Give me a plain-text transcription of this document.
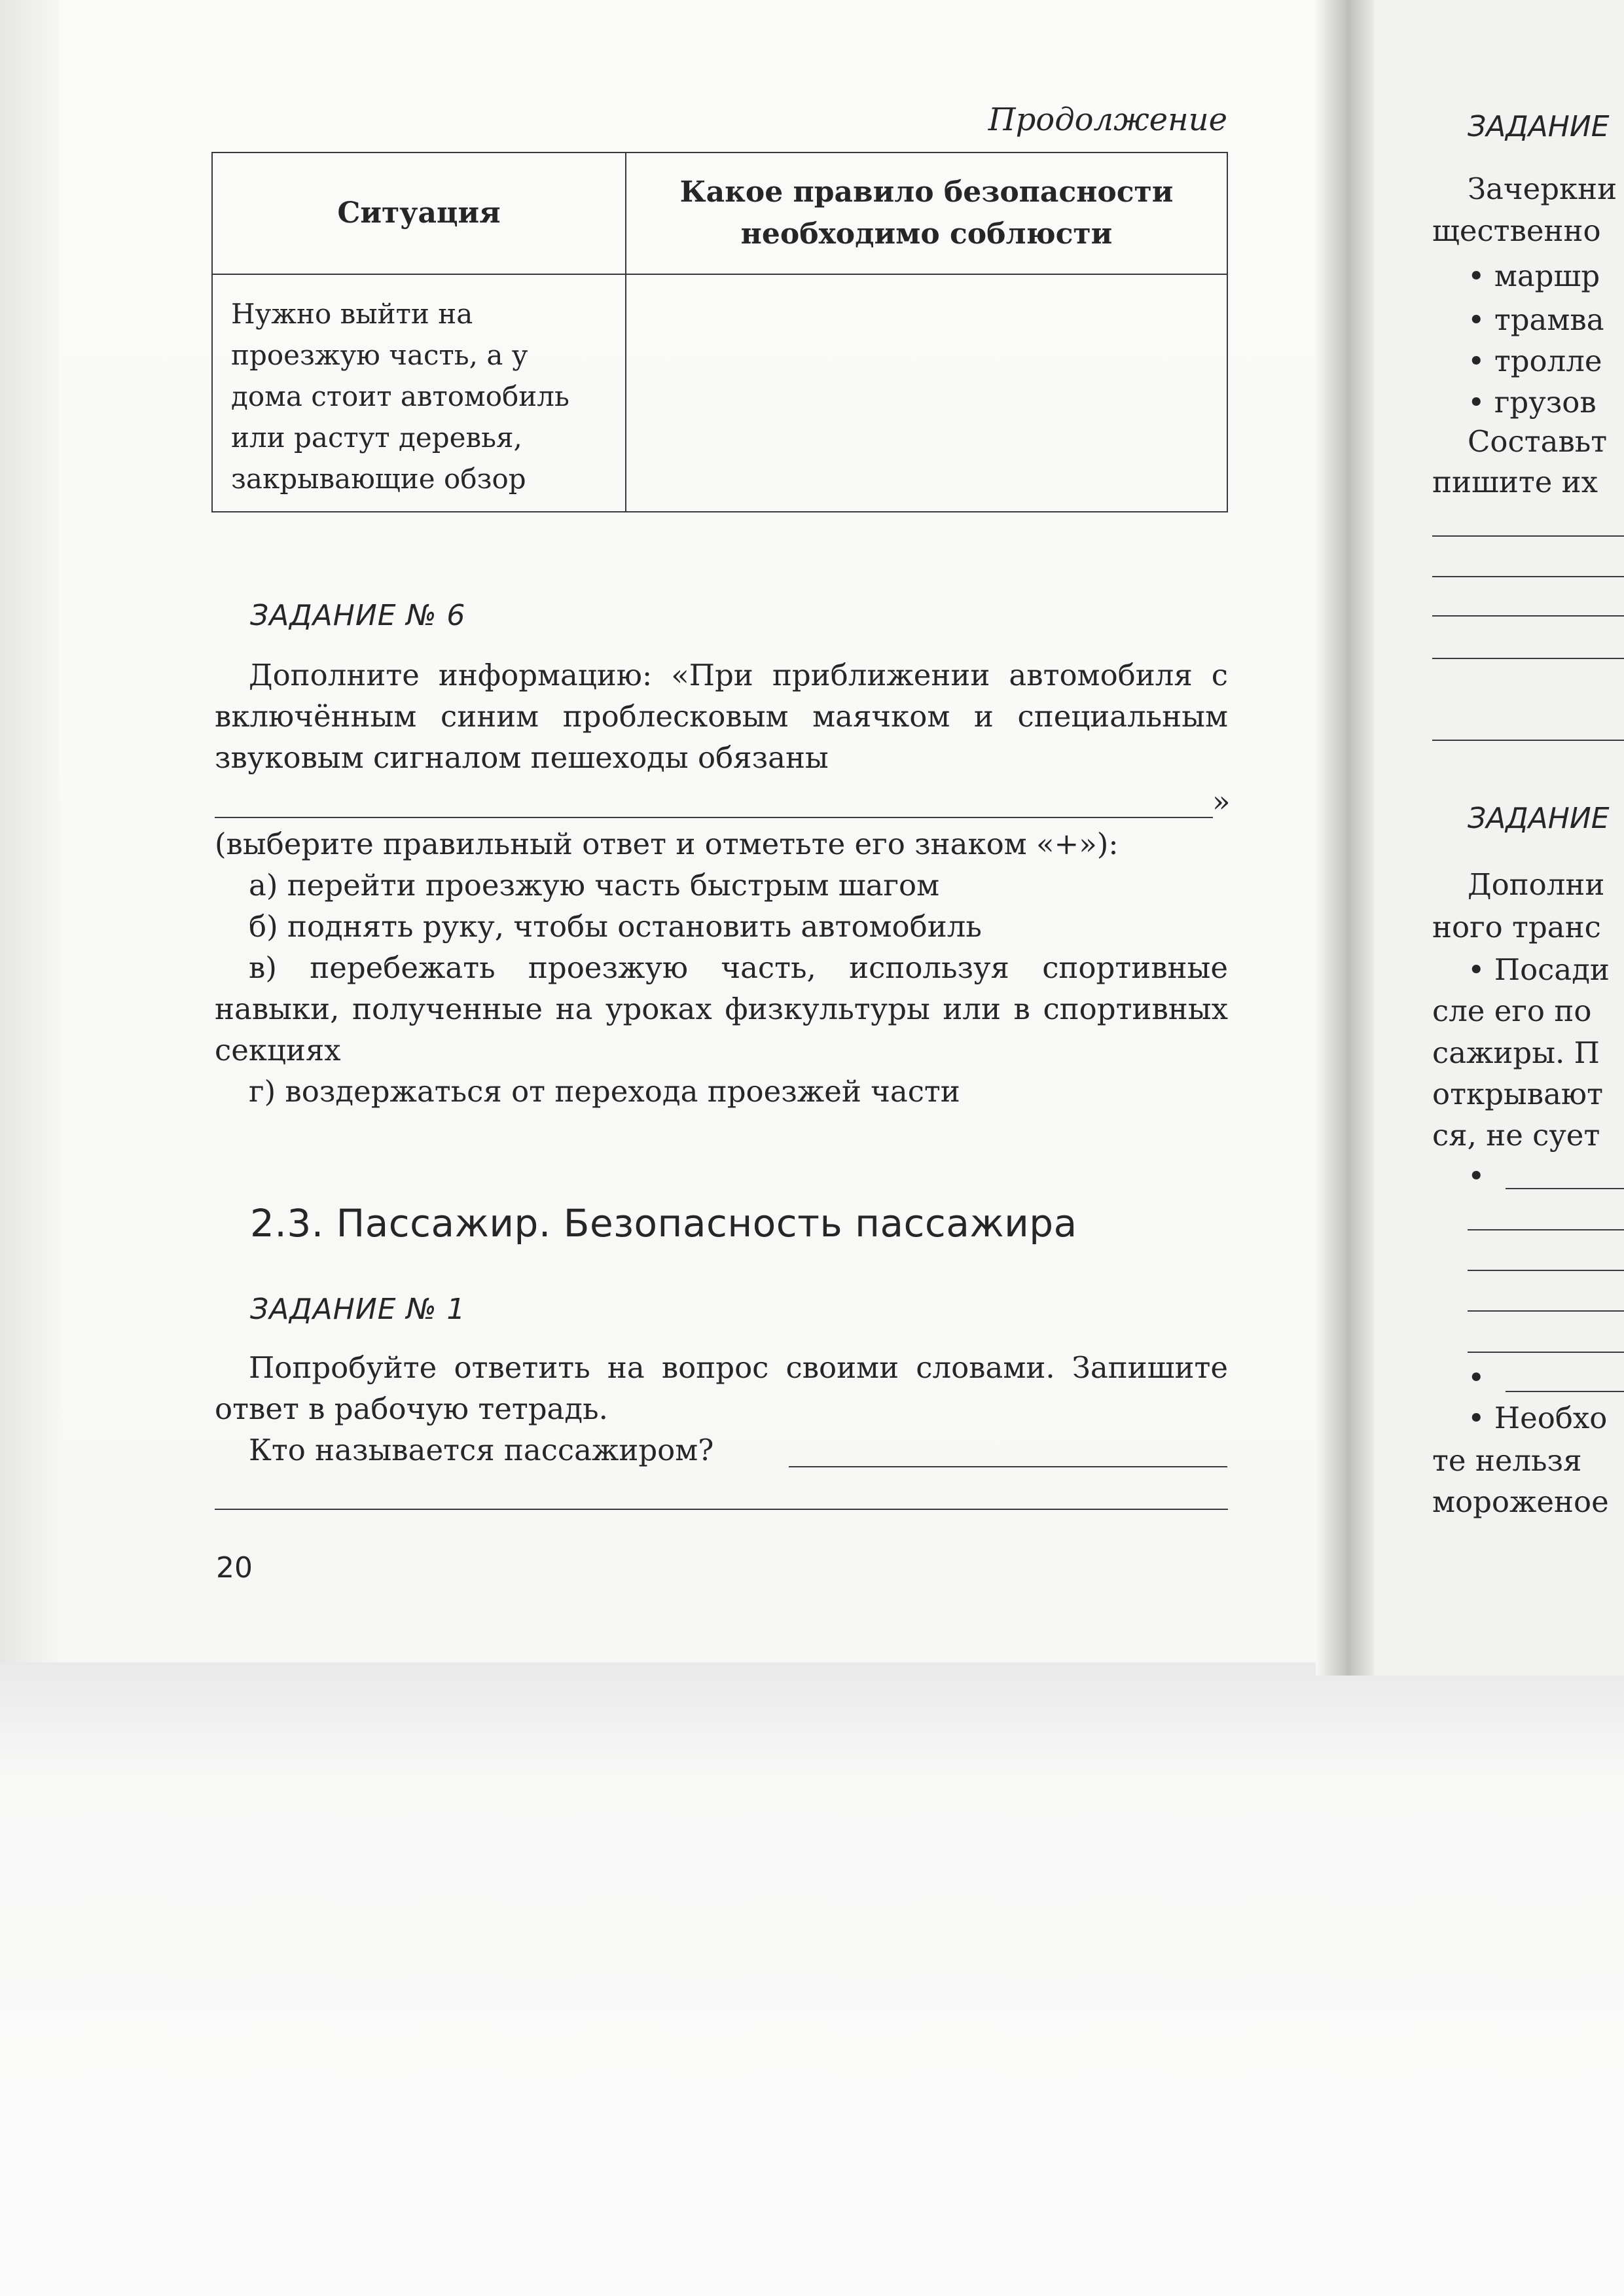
Продолжение
Ситуация	Какое правило безопасности необходимо соблюсти
Нужно выйти на проезжую часть, а у дома стоит автомобиль или растут деревья, закрывающие обзор	
ЗАДАНИЕ № 6

Дополните информацию: «При приближении автомобиля с включённым синим проблесковым маячком и специальным звуковым сигналом пешеходы обязаны

»

(выберите правильный ответ и отметьте его знаком «+»):

а) перейти проезжую часть быстрым шагом

б) поднять руку, чтобы остановить автомобиль

в) перебежать проезжую часть, используя спортивные навыки, полученные на уроках физкультуры или в спортивных секциях

г) воздержаться от перехода проезжей части

2.3. Пассажир. Безопасность пассажира
ЗАДАНИЕ № 1

Попробуйте ответить на вопрос своими словами. Запишите ответ в рабочую тетрадь.

Кто называется пассажиром?

20
ЗАДАНИЕ
Зачеркни
щественно
• маршр
• трамва
• тролле
• грузов
Составьт
пишите их
ЗАДАНИЕ
Дополни
ного транс
• Посади
сле его по
сажиры. П
открывают
ся, не сует
•
•
• Необхо
те нельзя
мороженое
